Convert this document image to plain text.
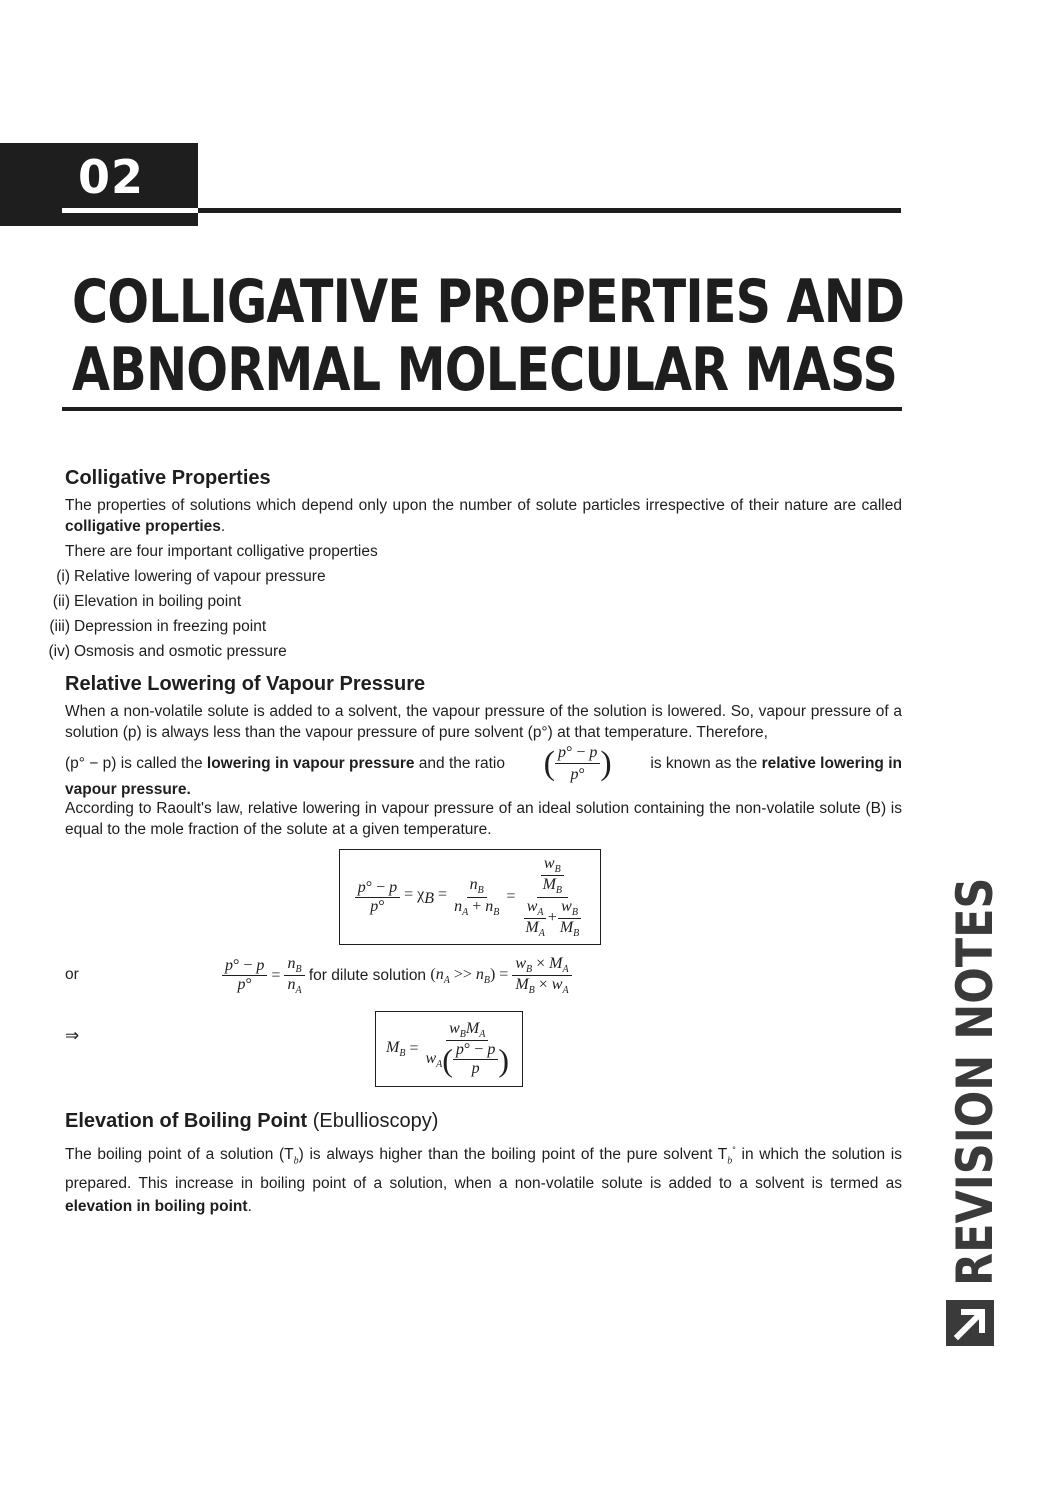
02
COLLIGATIVE PROPERTIES AND
ABNORMAL MOLECULAR MASS
Colligative Properties
The properties of solutions which depend only upon the number of solute particles irrespective of their nature are called colligative properties.
There are four important colligative properties
(i) Relative lowering of vapour pressure
(ii) Elevation in boiling point
(iii) Depression in freezing point
(iv) Osmosis and osmotic pressure
Relative Lowering of Vapour Pressure
When a non-volatile solute is added to a solvent, the vapour pressure of the solution is lowered. So, vapour pressure of a solution (p) is always less than the vapour pressure of pure solvent (p°) at that temperature. Therefore,
(p° − p) is called the lowering in vapour pressure and the ratio ( $\frac{p^\circ - p}{p^\circ}$ ) is known as the relative lowering in
vapour pressure.
According to Raoult's law, relative lowering in vapour pressure of an ideal solution containing the non-volatile solute (B) is equal to the mole fraction of the solute at a given temperature.
$\frac{p^\circ - p}{p^\circ} = \chi_B = \frac{n_B}{n_A + n_B} = \frac{\frac{w_B}{M_B}}{\frac{w_A}{M_A} + \frac{w_B}{M_B}}$
or	$\frac{p^\circ - p}{p^\circ} = \frac{n_B}{n_A}$ for dilute solution $(n_A >> n_B) = \frac{w_B \times M_A}{M_B \times w_A}$
⇒
$M_B = \frac{w_BM_A}{w_A ( \frac{p^\circ - p}{p} )}$
Elevation of Boiling Point (Ebullioscopy)
The boiling point of a solution $(T_b)$ is always higher than the boiling point of the pure solvent $T_b^\circ$ in which the solution is prepared. This increase in boiling point of a solution, when a non-volatile solute is added to a solvent is termed as elevation in boiling point.	REVISION NOTES
